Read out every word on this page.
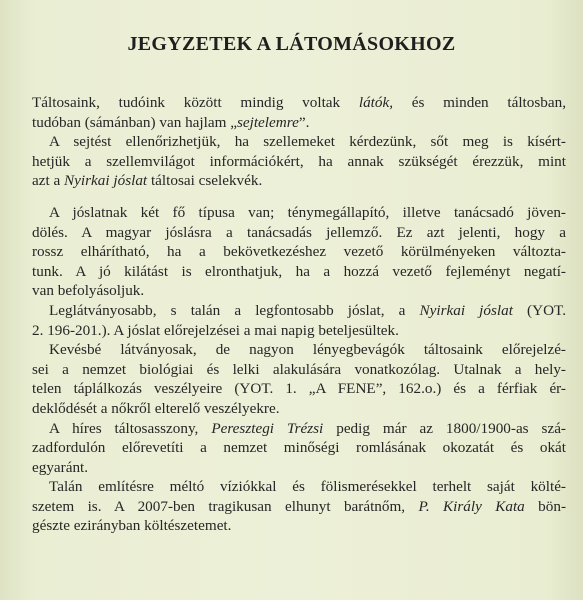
JEGYZETEK A LÁTOMÁSOKHOZ
Táltosaink, tudóink között mindig voltak látók, és minden táltosban,
tudóban (sámánban) van hajlam „sejtelemre”.
A sejtést ellenőrizhetjük, ha szellemeket kérdezünk, sőt meg is kísért-
hetjük a szellemvilágot információkért, ha annak szükségét érezzük, mint
azt a Nyirkai jóslat táltosai cselekvék.
A jóslatnak két fő típusa van; ténymegállapító, illetve tanácsadó jöven-
dölés. A magyar jóslásra a tanácsadás jellemző. Ez azt jelenti, hogy a
rossz elhárítható, ha a bekövetkezéshez vezető körülményeken változta-
tunk. A jó kilátást is elronthatjuk, ha a hozzá vezető fejleményt negatí-
van befolyásoljuk.
Leglátványosabb, s talán a legfontosabb jóslat, a Nyirkai jóslat (YOT.
2. 196-201.). A jóslat előrejelzései a mai napig beteljesültek.
Kevésbé látványosak, de nagyon lényegbevágók táltosaink előrejelzé-
sei a nemzet biológiai és lelki alakulására vonatkozólag. Utalnak a hely-
telen táplálkozás veszélyeire (YOT. 1. „A FENE”, 162.o.) és a férfiak ér-
deklődését a nőkről elterelő veszélyekre.
A híres táltosasszony, Peresztegi Trézsi pedig már az 1800/1900-as szá-
zadfordulón előrevetíti a nemzet minőségi romlásának okozatát és okát
egyaránt.
Talán említésre méltó víziókkal és fölismerésekkel terhelt saját költé-
szetem is. A 2007-ben tragikusan elhunyt barátnőm, P. Király Kata bön-
gészte ezirányban költészetemet.
